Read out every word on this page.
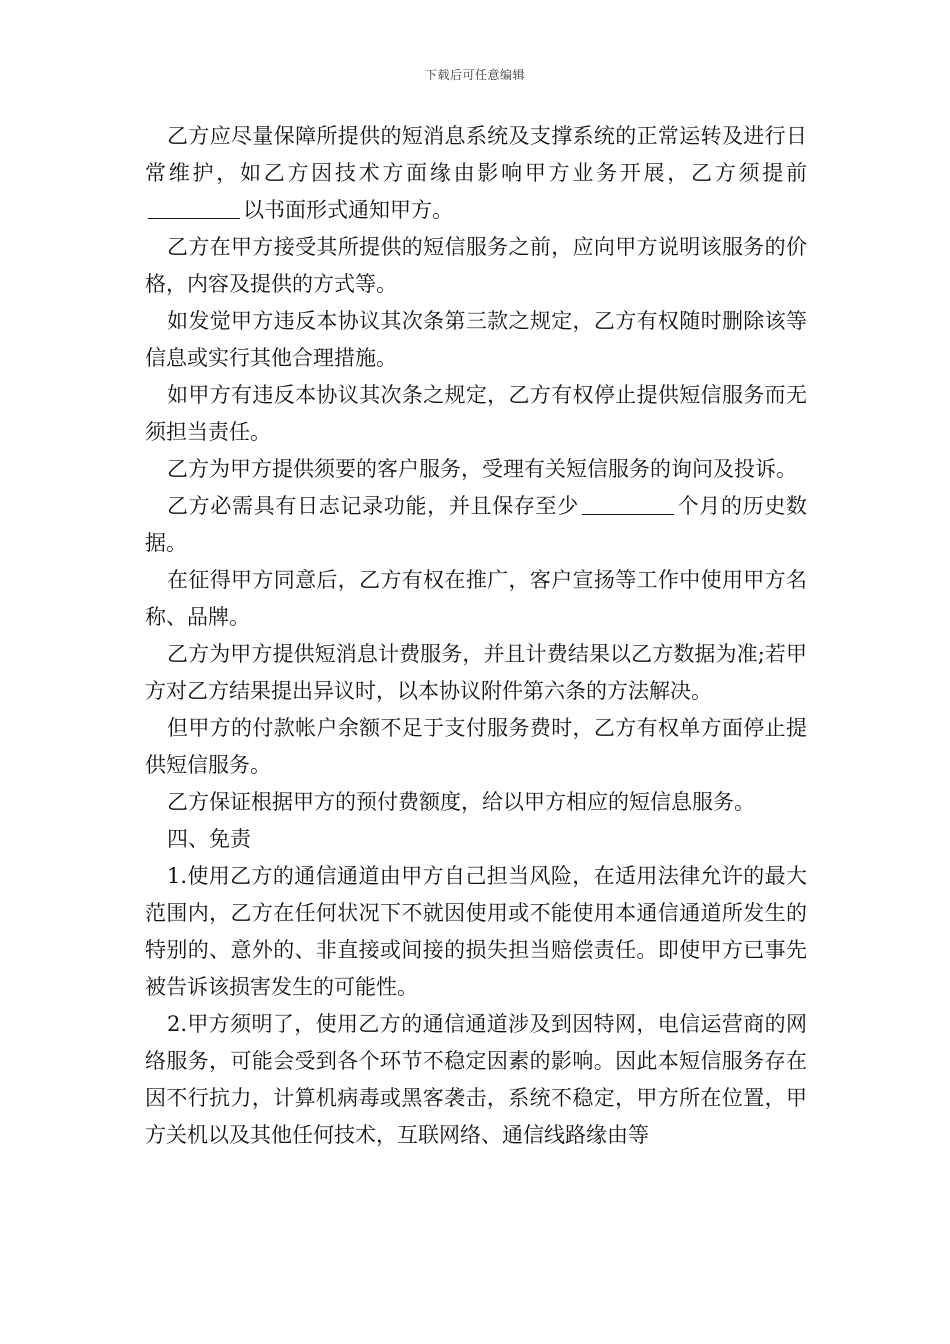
下载后可任意编辑

乙方应尽量保障所提供的短消息系统及支撑系统的正常运转及进行日常维护，如乙方因技术方面缘由影响甲方业务开展，乙方须提前以书面形式通知甲方。

乙方在甲方接受其所提供的短信服务之前，应向甲方说明该服务的价格，内容及提供的方式等。

如发觉甲方违反本协议其次条第三款之规定，乙方有权随时删除该等信息或实行其他合理措施。

如甲方有违反本协议其次条之规定，乙方有权停止提供短信服务而无须担当责任。

乙方为甲方提供须要的客户服务，受理有关短信服务的询问及投诉。

乙方必需具有日志记录功能，并且保存至少	个月的历史数据。

在征得甲方同意后，乙方有权在推广，客户宣扬等工作中使用甲方名称、品牌。

乙方为甲方提供短消息计费服务，并且计费结果以乙方数据为准;若甲方对乙方结果提出异议时，以本协议附件第六条的方法解决。

但甲方的付款帐户余额不足于支付服务费时，乙方有权单方面停止提供短信服务。

乙方保证根据甲方的预付费额度，给以甲方相应的短信息服务。

四、免责

1.使用乙方的通信通道由甲方自己担当风险，在适用法律允许的最大范围内，乙方在任何状况下不就因使用或不能使用本通信通道所发生的特别的、意外的、非直接或间接的损失担当赔偿责任。即使甲方已事先被告诉该损害发生的可能性。

2.甲方须明了，使用乙方的通信通道涉及到因特网，电信运营商的网络服务，可能会受到各个环节不稳定因素的影响。因此本短信服务存在因不行抗力，计算机病毒或黑客袭击，系统不稳定，甲方所在位置，甲方关机以及其他任何技术，互联网络、通信线路缘由等
